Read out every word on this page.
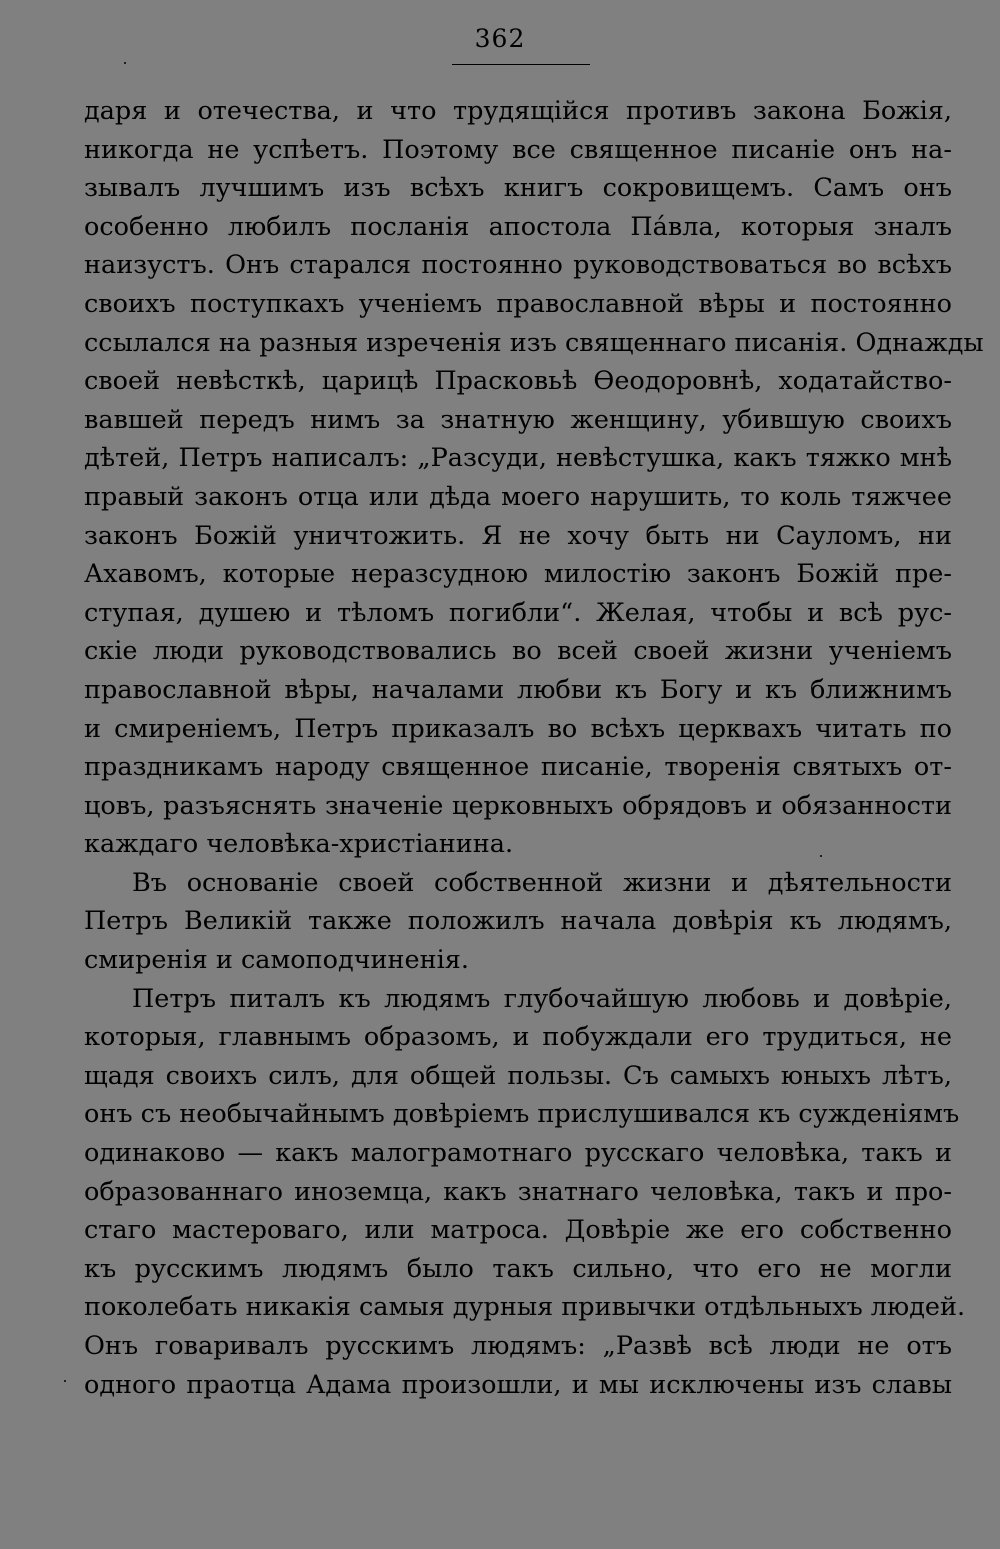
362
даря и отечества, и что трудящійся противъ закона Божія,
никогда не успѣетъ. Поэтому все священное писаніе онъ на-
зывалъ лучшимъ изъ всѣхъ книгъ сокровищемъ. Самъ онъ
особенно любилъ посланія апостола Па́вла, которыя зналъ
наизустъ. Онъ старался постоянно руководствоваться во всѣхъ
своихъ поступкахъ ученіемъ православной вѣры и постоянно
ссылался на разныя изреченія изъ священнаго писанія. Однажды
своей невѣсткѣ, царицѣ Прасковьѣ Ѳеодоровнѣ, ходатайство-
вавшей передъ нимъ за знатную женщину, убившую своихъ
дѣтей, Петръ написалъ: „Разсуди, невѣстушка, какъ тяжко мнѣ
правый законъ отца или дѣда моего нарушить, то коль тяжчее
законъ Божій уничтожить. Я не хочу быть ни Сауломъ, ни
Ахавомъ, которые неразсудною милостію законъ Божій пре-
ступая, душею и тѣломъ погибли“. Желая, чтобы и всѣ рус-
скіе люди руководствовались во всей своей жизни ученіемъ
православной вѣры, началами любви къ Богу и къ ближнимъ
и смиреніемъ, Петръ приказалъ во всѣхъ церквахъ читать по
праздникамъ народу священное писаніе, творенія святыхъ от-
цовъ, разъяснять значеніе церковныхъ обрядовъ и обязанности
каждаго человѣка-христіанина.
Въ основаніе своей собственной жизни и дѣятельности
Петръ Великій также положилъ начала довѣрія къ людямъ,
смиренія и самоподчиненія.
Петръ питалъ къ людямъ глубочайшую любовь и довѣріе,
которыя, главнымъ образомъ, и побуждали его трудиться, не
щадя своихъ силъ, для общей пользы. Съ самыхъ юныхъ лѣтъ,
онъ съ необычайнымъ довѣріемъ прислушивался къ сужденіямъ
одинаково — какъ малограмотнаго русскаго человѣка, такъ и
образованнаго иноземца, какъ знатнаго человѣка, такъ и про-
стаго мастероваго, или матроса. Довѣріе же его собственно
къ русскимъ людямъ было такъ сильно, что его не могли
поколебать никакія самыя дурныя привычки отдѣльныхъ людей.
Онъ говаривалъ русскимъ людямъ: „Развѣ всѣ люди не отъ
одного праотца Адама произошли, и мы исключены изъ славы
